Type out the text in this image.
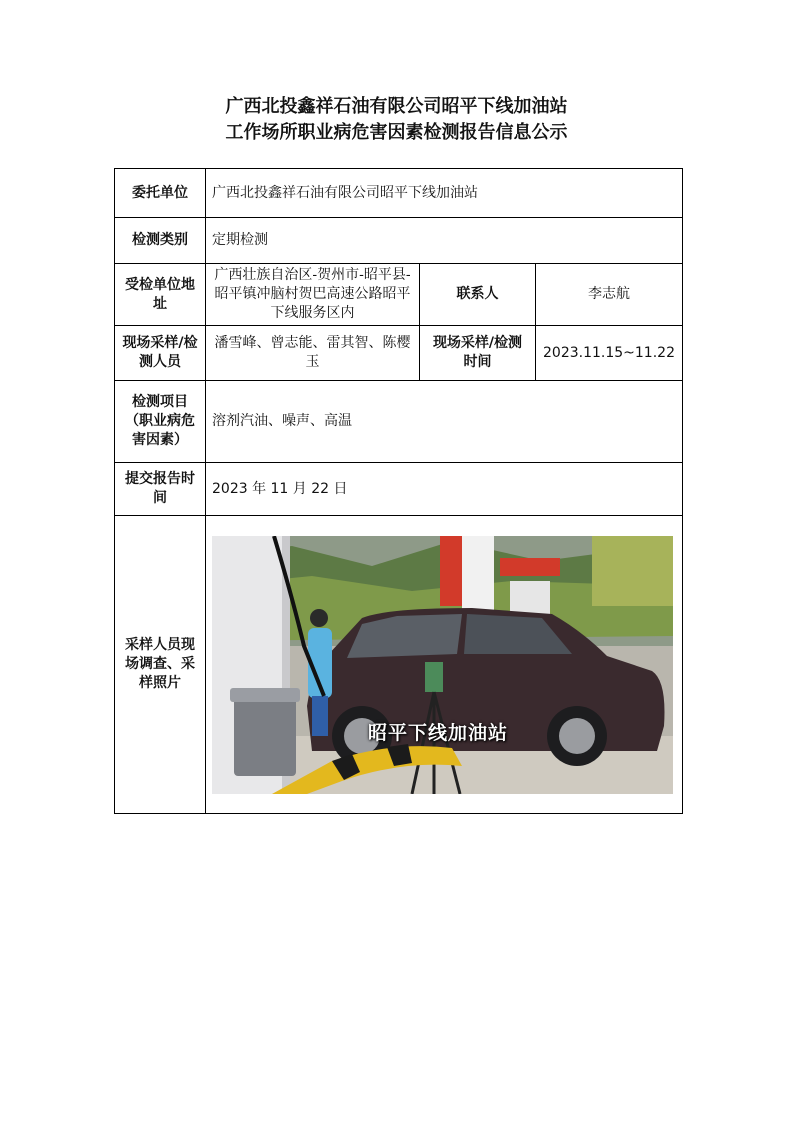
广西北投鑫祥石油有限公司昭平下线加油站
工作场所职业病危害因素检测报告信息公示
委托单位	广西北投鑫祥石油有限公司昭平下线加油站		
检测类别	定期检测		
受检单位地址	广西壮族自治区-贺州市-昭平县-昭平镇冲脑村贺巴高速公路昭平下线服务区内	联系人	李志航
现场采样/检测人员	潘雪峰、曾志能、雷其智、陈樱玉	现场采样/检测时间	2023.11.15~11.22
检测项目（职业病危害因素）	溶剂汽油、噪声、高温		
提交报告时间	2023 年 11 月 22 日		
采样人员现场调查、采样照片	昭平下线加油站		
